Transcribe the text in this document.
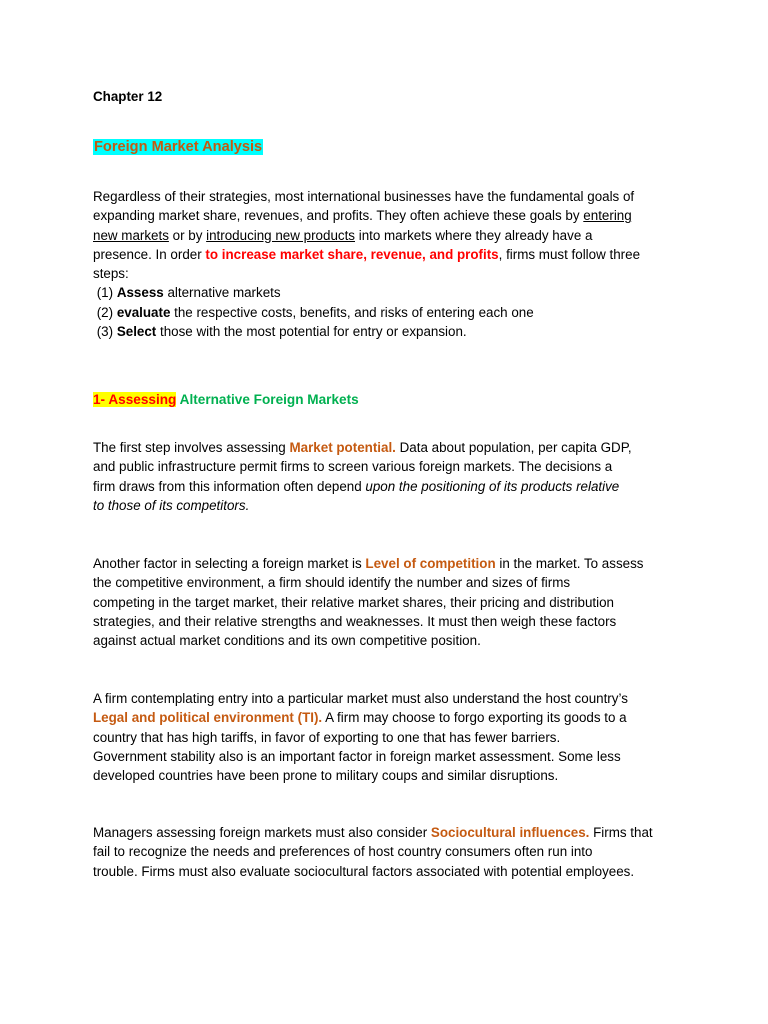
Chapter 12
Foreign Market Analysis

Regardless of their strategies, most international businesses have the fundamental goals of
expanding market share, revenues, and profits. They often achieve these goals by entering
new markets or by introducing new products into markets where they already have a
presence. In order to increase market share, revenue, and profits, firms must follow three
steps:
(1) Assess alternative markets
(2) evaluate the respective costs, benefits, and risks of entering each one
(3) Select those with the most potential for entry or expansion.

1- Assessing Alternative Foreign Markets

The first step involves assessing Market potential. Data about population, per capita GDP,
and public infrastructure permit firms to screen various foreign markets. The decisions a
firm draws from this information often depend upon the positioning of its products relative
to those of its competitors.

Another factor in selecting a foreign market is Level of competition in the market. To assess
the competitive environment, a firm should identify the number and sizes of firms
competing in the target market, their relative market shares, their pricing and distribution
strategies, and their relative strengths and weaknesses. It must then weigh these factors
against actual market conditions and its own competitive position.

A firm contemplating entry into a particular market must also understand the host country’s
Legal and political environment (TI). A firm may choose to forgo exporting its goods to a
country that has high tariffs, in favor of exporting to one that has fewer barriers.
Government stability also is an important factor in foreign market assessment. Some less
developed countries have been prone to military coups and similar disruptions.

Managers assessing foreign markets must also consider Sociocultural influences. Firms that
fail to recognize the needs and preferences of host country consumers often run into
trouble. Firms must also evaluate sociocultural factors associated with potential employees.
